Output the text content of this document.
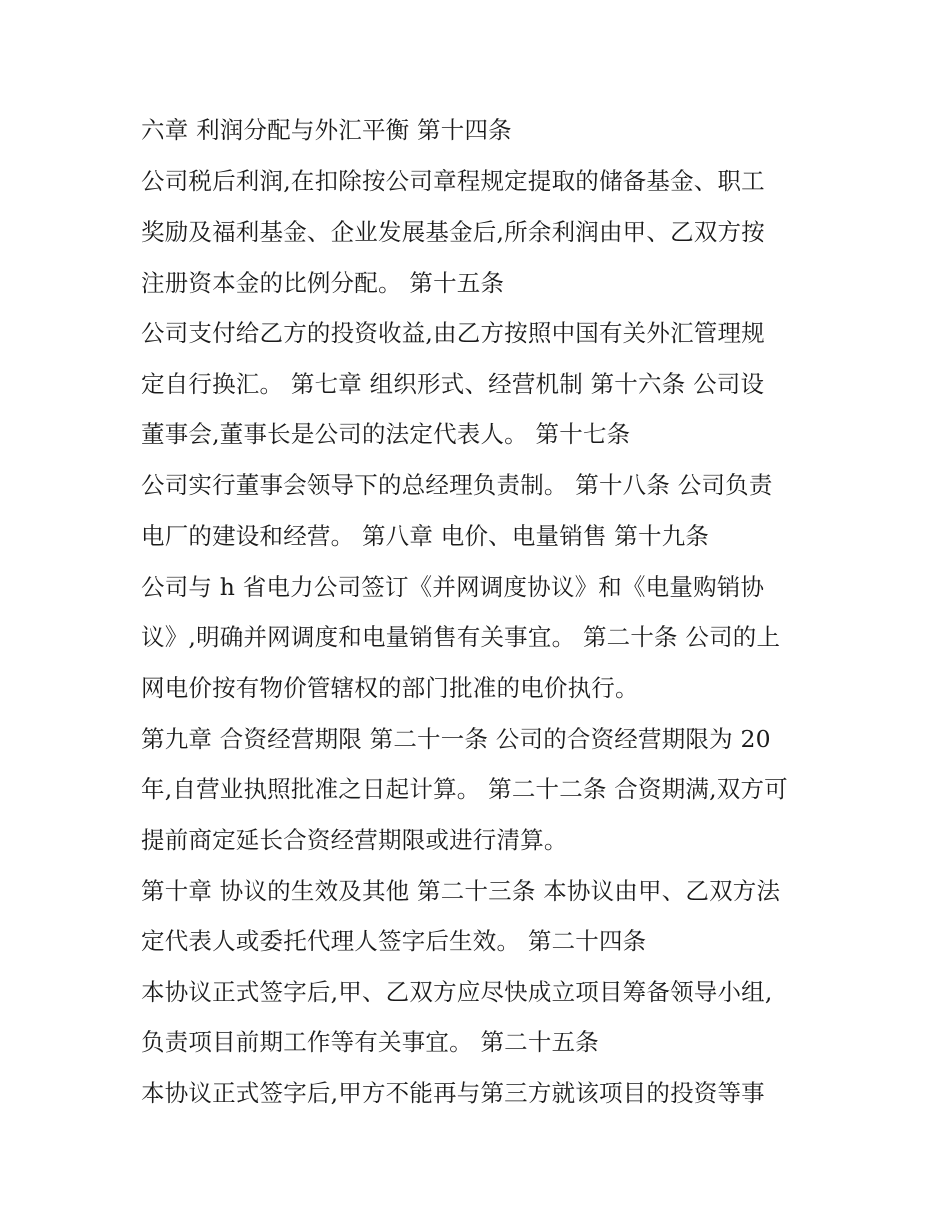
六章 利润分配与外汇平衡 第十四条
公司税后利润,在扣除按公司章程规定提取的储备基金、职工
奖励及福利基金、企业发展基金后,所余利润由甲、乙双方按
注册资本金的比例分配。 第十五条
公司支付给乙方的投资收益,由乙方按照中国有关外汇管理规
定自行换汇。 第七章 组织形式、经营机制 第十六条 公司设
董事会,董事长是公司的法定代表人。 第十七条
公司实行董事会领导下的总经理负责制。 第十八条 公司负责
电厂的建设和经营。 第八章 电价、电量销售 第十九条
公司与 h 省电力公司签订《并网调度协议》和《电量购销协
议》,明确并网调度和电量销售有关事宜。 第二十条 公司的上
网电价按有物价管辖权的部门批准的电价执行。
第九章 合资经营期限 第二十一条 公司的合资经营期限为 20
年,自营业执照批准之日起计算。 第二十二条 合资期满,双方可
提前商定延长合资经营期限或进行清算。
第十章 协议的生效及其他 第二十三条 本协议由甲、乙双方法
定代表人或委托代理人签字后生效。 第二十四条
本协议正式签字后,甲、乙双方应尽快成立项目筹备领导小组,
负责项目前期工作等有关事宜。 第二十五条
本协议正式签字后,甲方不能再与第三方就该项目的投资等事
